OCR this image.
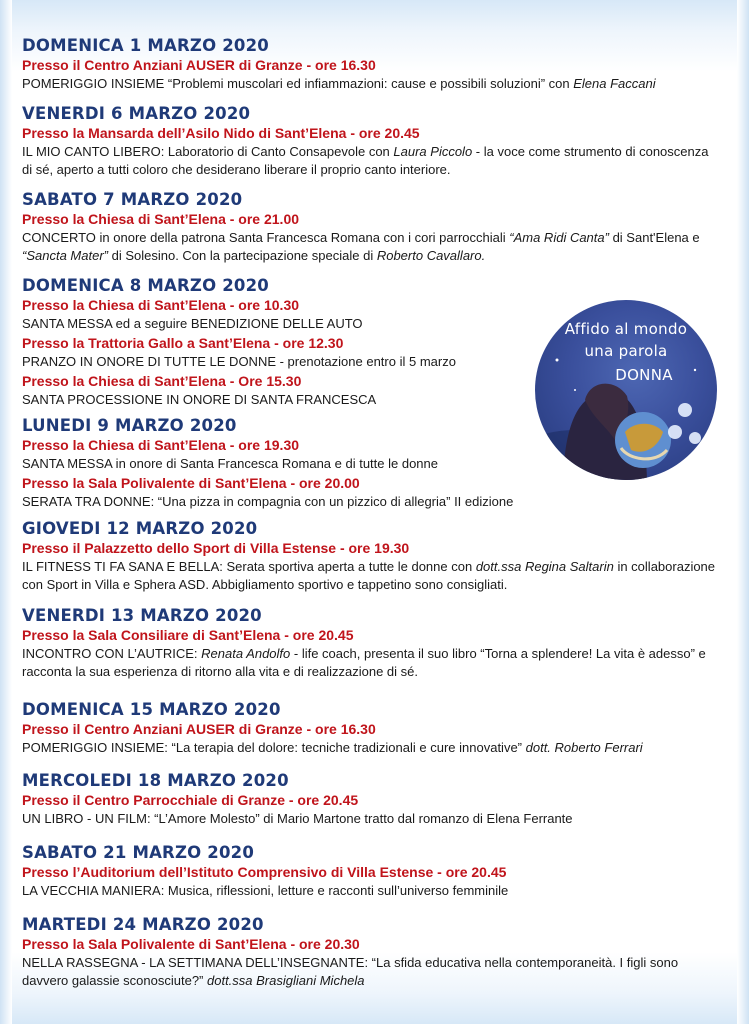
DOMENICA 1 MARZO 2020

Presso il Centro Anziani AUSER di Granze - ore 16.30

POMERIGGIO INSIEME “Problemi muscolari ed infiammazioni: cause e possibili soluzioni” con Elena Faccani

VENERDI 6 MARZO 2020

Presso la Mansarda dell’Asilo Nido di Sant’Elena - ore 20.45

IL MIO CANTO LIBERO: Laboratorio di Canto Consapevole con Laura Piccolo - la voce come strumento di conoscenza di sé, aperto a tutti coloro che desiderano liberare il proprio canto interiore.

SABATO 7 MARZO 2020

Presso la Chiesa di Sant’Elena - ore 21.00

CONCERTO in onore della patrona Santa Francesca Romana con i cori parrocchiali “Ama Ridi Canta” di Sant'Elena e “Sancta Mater” di Solesino. Con la partecipazione speciale di Roberto Cavallaro.

DOMENICA 8 MARZO 2020

Presso la Chiesa di Sant’Elena - ore 10.30

SANTA MESSA ed a seguire BENEDIZIONE DELLE AUTO

Presso la Trattoria Gallo a Sant’Elena - ore 12.30

PRANZO IN ONORE DI TUTTE LE DONNE - prenotazione entro il 5 marzo

Presso la Chiesa di Sant’Elena - Ore 15.30

SANTA PROCESSIONE IN ONORE DI SANTA FRANCESCA

LUNEDI 9 MARZO 2020

Presso la Chiesa di Sant’Elena - ore 19.30

SANTA MESSA in onore di Santa Francesca Romana e di tutte le donne

Presso la Sala Polivalente di Sant’Elena - ore 20.00

SERATA TRA DONNE: “Una pizza in compagnia con un pizzico di allegria” II edizione

GIOVEDI 12 MARZO 2020

Presso il Palazzetto dello Sport di Villa Estense - ore 19.30

IL FITNESS TI FA SANA E BELLA: Serata sportiva aperta a tutte le donne con dott.ssa Regina Saltarin in collaborazione con Sport in Villa e Sphera ASD. Abbigliamento sportivo e tappetino sono consigliati.

VENERDI 13 MARZO 2020

Presso la Sala Consiliare di Sant’Elena - ore 20.45

INCONTRO CON L’AUTRICE: Renata Andolfo - life coach, presenta il suo libro “Torna a splendere! La vita è adesso” e racconta la sua esperienza di ritorno alla vita e di realizzazione di sé.

DOMENICA 15 MARZO 2020

Presso il Centro Anziani AUSER di Granze - ore 16.30

POMERIGGIO INSIEME: “La terapia del dolore: tecniche tradizionali e cure innovative” dott. Roberto Ferrari

MERCOLEDI 18 MARZO 2020

Presso il Centro Parrocchiale di Granze - ore 20.45

UN LIBRO - UN FILM: “L’Amore Molesto” di Mario Martone tratto dal romanzo di Elena Ferrante

SABATO 21 MARZO 2020

Presso l’Auditorium dell’Istituto Comprensivo di Villa Estense - ore 20.45

LA VECCHIA MANIERA: Musica, riflessioni, letture e racconti sull’universo femminile

MARTEDI 24 MARZO 2020

Presso la Sala Polivalente di Sant’Elena - ore 20.30

NELLA RASSEGNA - LA SETTIMANA DELL’INSEGNANTE: “La sfida educativa nella contemporaneità. I figli sono davvero galassie sconosciute?” dott.ssa Brasigliani Michela

Affido al mondo
una parola
DONNA
